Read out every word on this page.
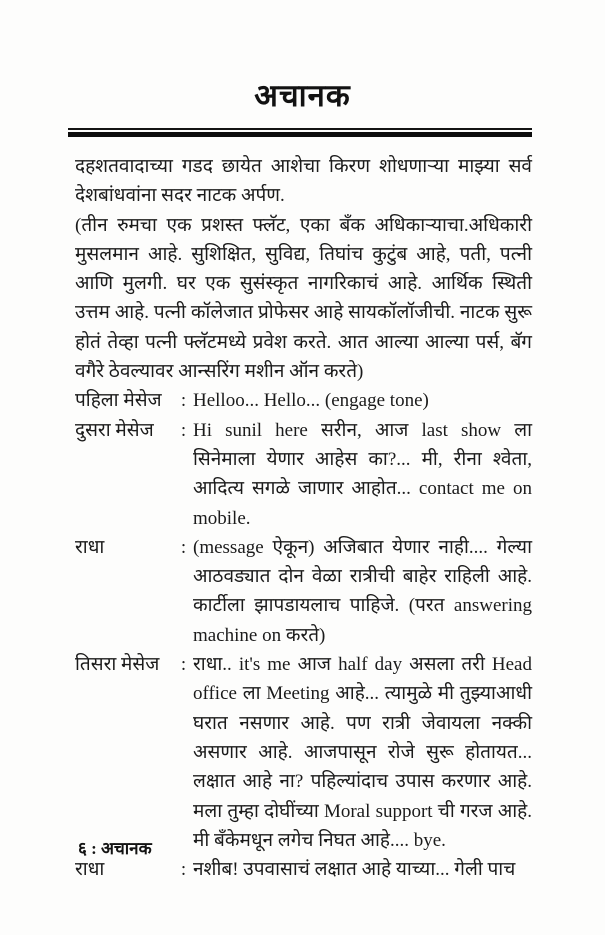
अचानक

दहशतवादाच्या गडद छायेत आशेचा किरण शोधणाऱ्या माझ्या सर्व देशबांधवांना सदर नाटक अर्पण.

(तीन रुमचा एक प्रशस्त फ्लॅट, एका बँक अधिकाऱ्याचा.अधिकारी मुसलमान आहे. सुशिक्षित, सुविद्य, तिघांच कुटुंब आहे, पती, पत्नी आणि मुलगी. घर एक सुसंस्कृत नागरिकाचं आहे. आर्थिक स्थिती उत्तम आहे. पत्नी कॉलेजात प्रोफेसर आहे सायकॉलॉजीची. नाटक सुरू होतं तेव्हा पत्नी फ्लॅटमध्ये प्रवेश करते. आत आल्या आल्या पर्स, बॅग वगैरे ठेवल्यावर आन्सरिंग मशीन ऑन करते)

पहिला मेसेज	: Helloo... Hello... (engage tone)
दुसरा मेसेज	: Hi sunil here सरीन, आज last show ला सिनेमाला येणार आहेस का?... मी, रीना श्वेता, आदित्य सगळे जाणार आहोत... contact me on mobile.
राधा	: (message ऐकून) अजिबात येणार नाही.... गेल्या आठवड्यात दोन वेळा रात्रीची बाहेर राहिली आहे. कार्टीला झापडायलाच पाहिजे. (परत answering machine on करते)
तिसरा मेसेज	: राधा.. it's me आज half day असला तरी Head office ला Meeting आहे... त्यामुळे मी तुझ्याआधी घरात नसणार आहे. पण रात्री जेवायला नक्की असणार आहे. आजपासून रोजे सुरू होतायत... लक्षात आहे ना? पहिल्यांदाच उपास करणार आहे. मला तुम्हा दोघींच्या Moral support ची गरज आहे. मी बँकेमधून लगेच निघत आहे.... bye.
राधा	: नशीब! उपवासाचं लक्षात आहे याच्या... गेली पाच
६ : अचानक
